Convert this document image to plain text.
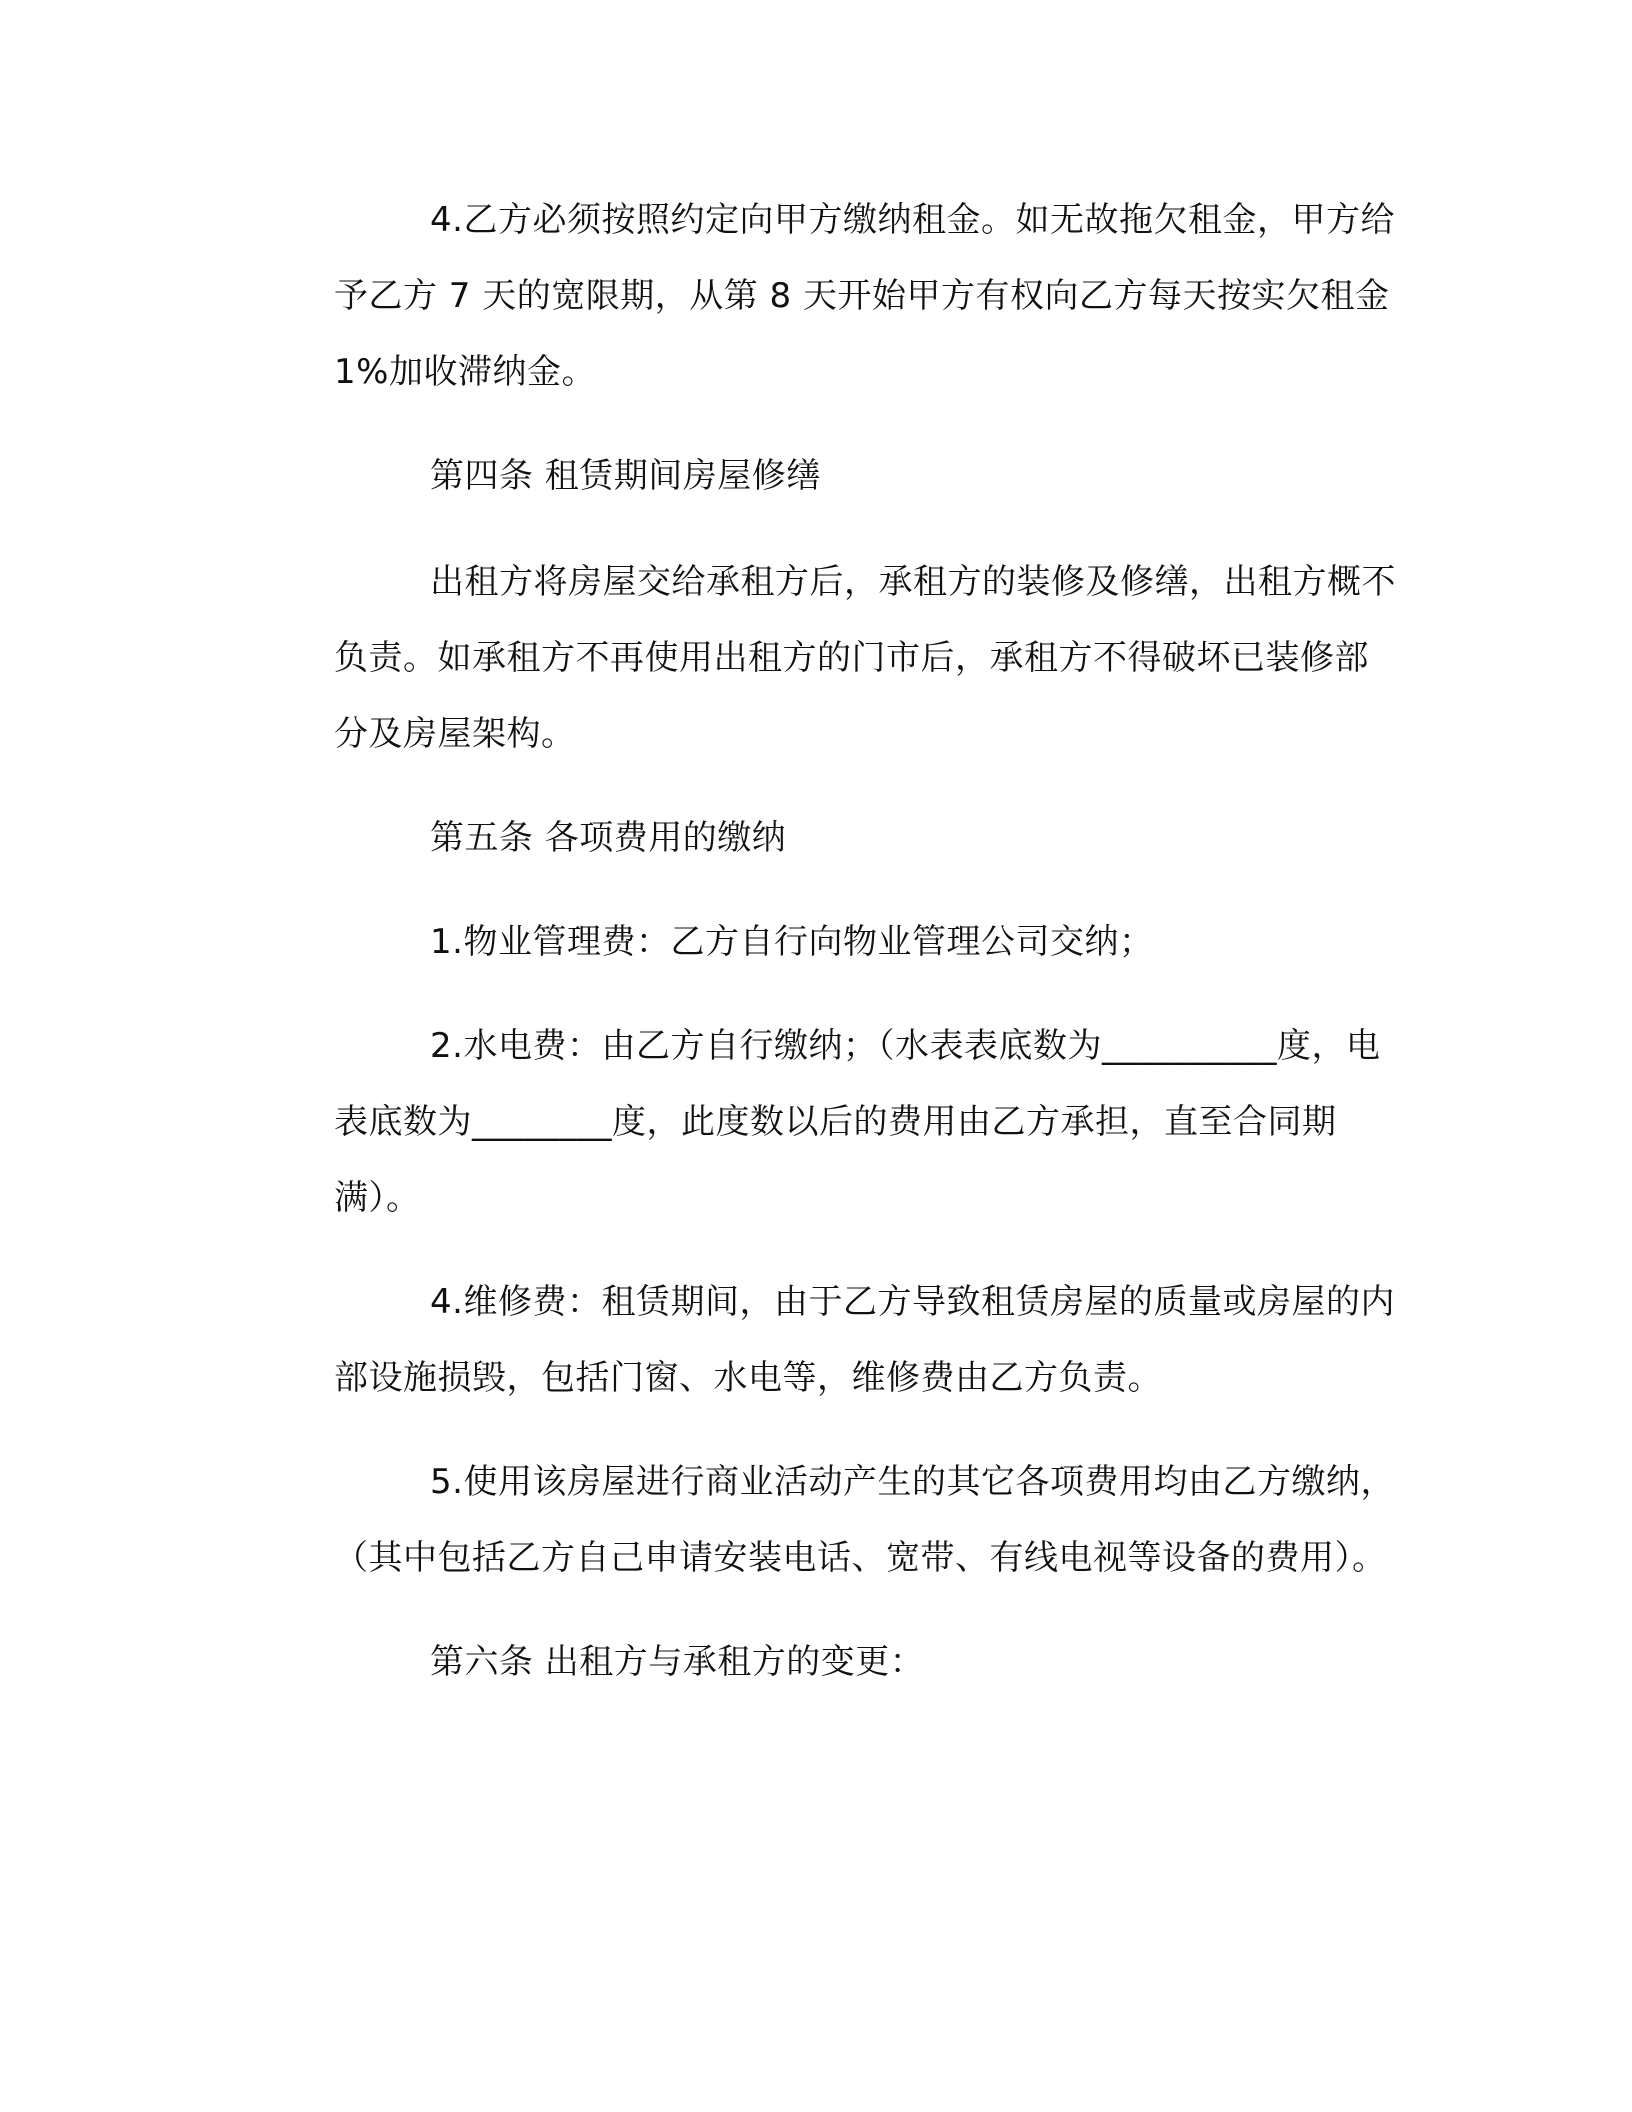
4.乙方必须按照约定向甲方缴纳租金。如无故拖欠租金，甲方给
予乙方 7 天的宽限期，从第 8 天开始甲方有权向乙方每天按实欠租金
1%加收滞纳金。

第四条 租赁期间房屋修缮

出租方将房屋交给承租方后，承租方的装修及修缮，出租方概不
负责。如承租方不再使用出租方的门市后，承租方不得破坏已装修部
分及房屋架构。

第五条 各项费用的缴纳

1.物业管理费：乙方自行向物业管理公司交纳；

2.水电费：由乙方自行缴纳；（水表表底数为__________度，电
表底数为________度，此度数以后的费用由乙方承担，直至合同期
满）。

4.维修费：租赁期间，由于乙方导致租赁房屋的质量或房屋的内
部设施损毁，包括门窗、水电等，维修费由乙方负责。

5.使用该房屋进行商业活动产生的其它各项费用均由乙方缴纳，
（其中包括乙方自己申请安装电话、宽带、有线电视等设备的费用）。

第六条 出租方与承租方的变更：
